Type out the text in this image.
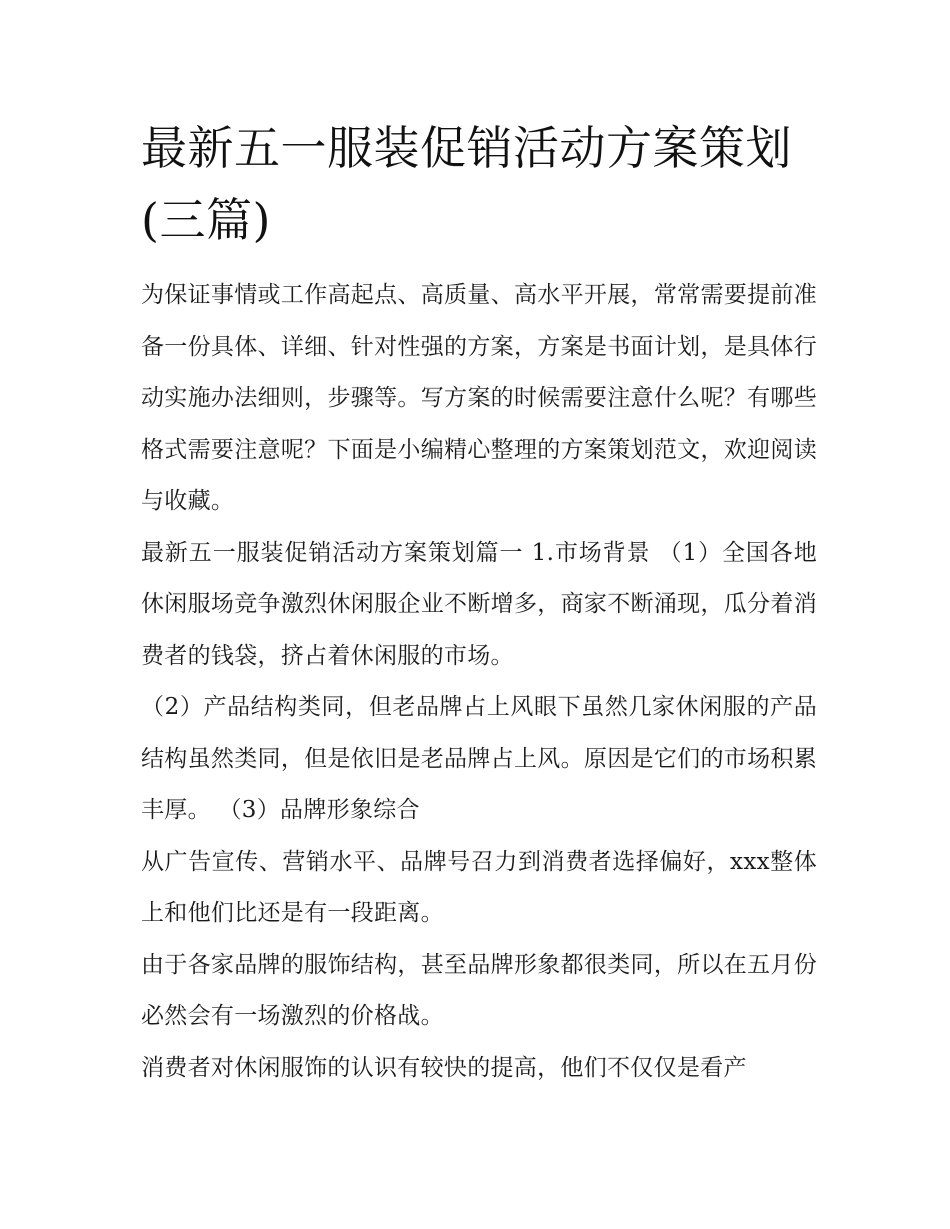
最新五一服装促销活动方案策划(三篇)

为保证事情或工作高起点、高质量、高水平开展，常常需要提前准备一份具体、详细、针对性强的方案，方案是书面计划，是具体行动实施办法细则，步骤等。写方案的时候需要注意什么呢？有哪些格式需要注意呢？下面是小编精心整理的方案策划范文，欢迎阅读与收藏。

最新五一服装促销活动方案策划篇一 1.市场背景 （1）全国各地休闲服场竞争激烈休闲服企业不断增多，商家不断涌现，瓜分着消费者的钱袋，挤占着休闲服的市场。

（2）产品结构类同，但老品牌占上风眼下虽然几家休闲服的产品结构虽然类同，但是依旧是老品牌占上风。原因是它们的市场积累丰厚。 （3）品牌形象综合

从广告宣传、营销水平、品牌号召力到消费者选择偏好，xxx整体上和他们比还是有一段距离。

由于各家品牌的服饰结构，甚至品牌形象都很类同，所以在五月份必然会有一场激烈的价格战。

消费者对休闲服饰的认识有较快的提高，他们不仅仅是看产
